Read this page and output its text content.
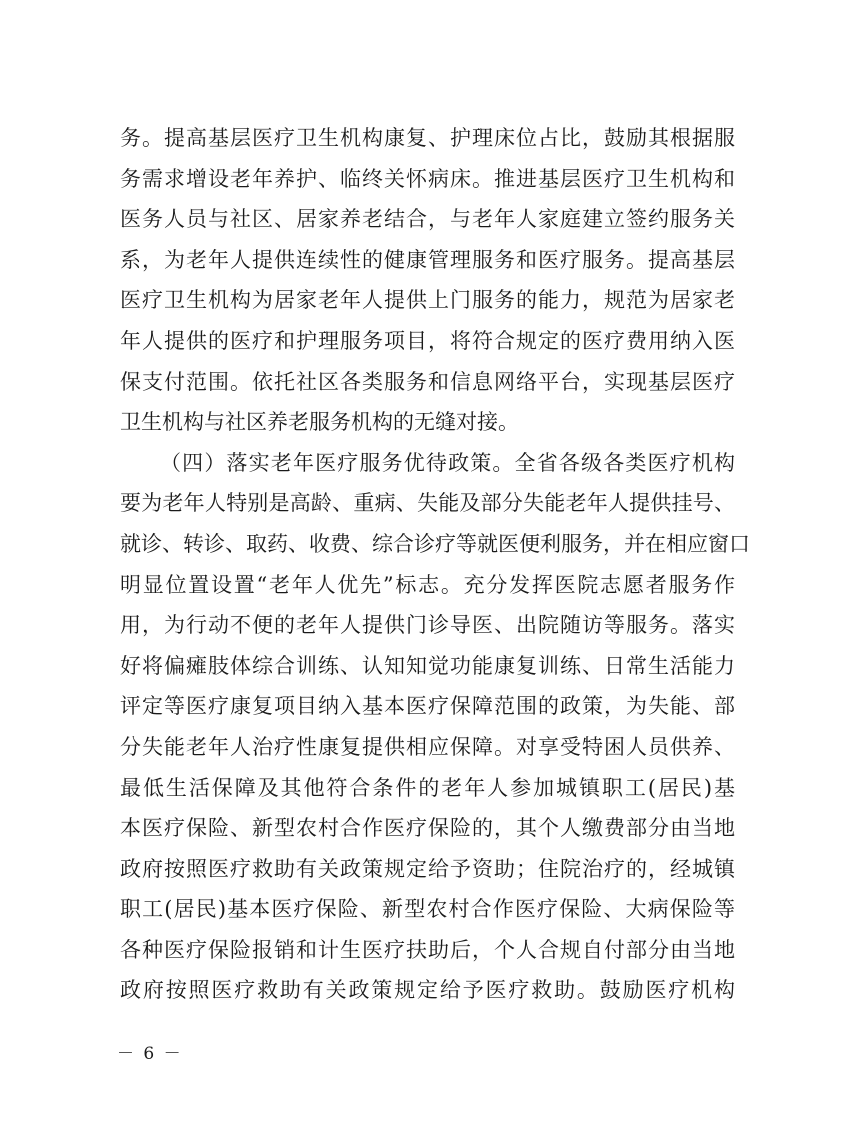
务。提高基层医疗卫生机构康复、护理床位占比，鼓励其根据服
务需求增设老年养护、临终关怀病床。推进基层医疗卫生机构和
医务人员与社区、居家养老结合，与老年人家庭建立签约服务关
系，为老年人提供连续性的健康管理服务和医疗服务。提高基层
医疗卫生机构为居家老年人提供上门服务的能力，规范为居家老
年人提供的医疗和护理服务项目，将符合规定的医疗费用纳入医
保支付范围。依托社区各类服务和信息网络平台，实现基层医疗
卫生机构与社区养老服务机构的无缝对接。
（四）落实老年医疗服务优待政策。全省各级各类医疗机构
要为老年人特别是高龄、重病、失能及部分失能老年人提供挂号、
就诊、转诊、取药、收费、综合诊疗等就医便利服务，并在相应窗口
明显位置设置“老年人优先”标志。充分发挥医院志愿者服务作
用，为行动不便的老年人提供门诊导医、出院随访等服务。落实
好将偏瘫肢体综合训练、认知知觉功能康复训练、日常生活能力
评定等医疗康复项目纳入基本医疗保障范围的政策，为失能、部
分失能老年人治疗性康复提供相应保障。对享受特困人员供养、
最低生活保障及其他符合条件的老年人参加城镇职工(居民)基
本医疗保险、新型农村合作医疗保险的，其个人缴费部分由当地
政府按照医疗救助有关政策规定给予资助；住院治疗的，经城镇
职工(居民)基本医疗保险、新型农村合作医疗保险、大病保险等
各种医疗保险报销和计生医疗扶助后，个人合规自付部分由当地
政府按照医疗救助有关政策规定给予医疗救助。鼓励医疗机构
－ 6 －
